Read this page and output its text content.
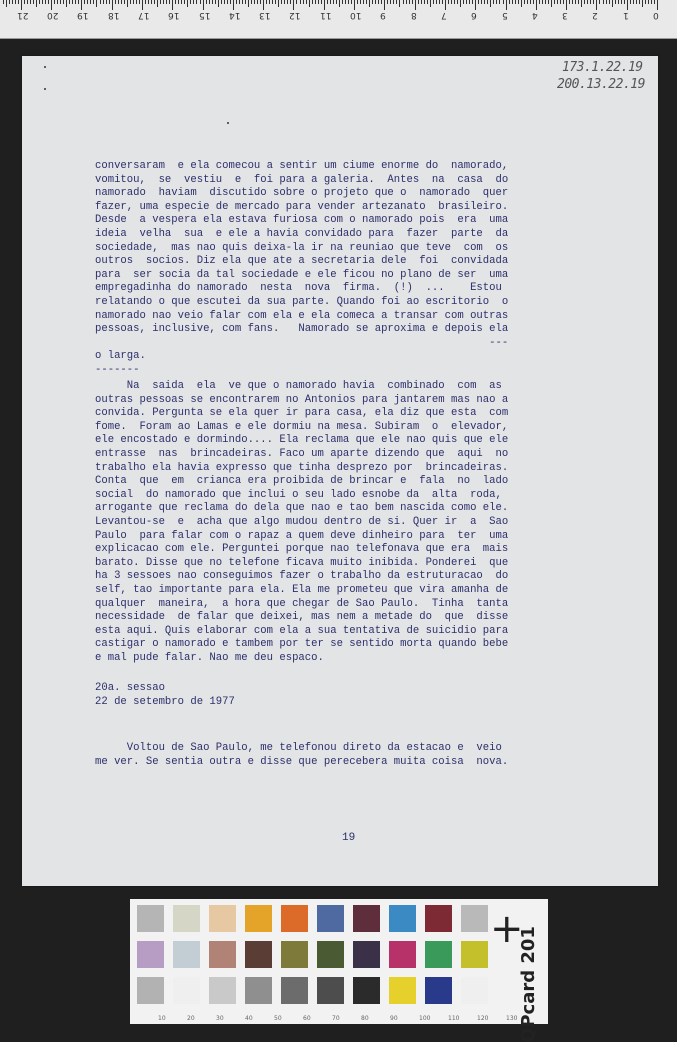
0
1
2
3
4
5
6
7
8
9
10
11
12
13
14
15
16
17
18
19
20
21
173.1.22.19
200.13.22.19
conversaram  e ela comecou a sentir um ciume enorme do  namorado,
vomitou,  se  vestiu  e  foi para a galeria.  Antes  na  casa  do
namorado  haviam  discutido sobre o projeto que o  namorado  quer
fazer, uma especie de mercado para vender artezanato  brasileiro.
Desde  a vespera ela estava furiosa com o namorado pois  era  uma
ideia  velha  sua  e ele a havia convidado para  fazer  parte  da
sociedade,  mas nao quis deixa-la ir na reuniao que teve  com  os
outros  socios. Diz ela que ate a secretaria dele  foi  convidada
para  ser socia da tal sociedade e ele ficou no plano de ser  uma
empregadinha do namorado  nesta  nova  firma.  (!)  ...    Estou
relatando o que escutei da sua parte. Quando foi ao escritorio  o
namorado nao veio falar com ela e ela comeca a transar com outras
pessoas, inclusive, com fans.   Namorado se aproxima e depois ela
---
o larga.
-------
Na  saida  ela  ve que o namorado havia  combinado  com  as
outras pessoas se encontrarem no Antonios para jantarem mas nao a
convida. Pergunta se ela quer ir para casa, ela diz que esta  com
fome.  Foram ao Lamas e ele dormiu na mesa. Subiram  o  elevador,
ele encostado e dormindo.... Ela reclama que ele nao quis que ele
entrasse  nas  brincadeiras. Faco um aparte dizendo que  aqui  no
trabalho ela havia expresso que tinha desprezo por  brincadeiras.
Conta  que  em  crianca era proibida de brincar e  fala  no  lado
social  do namorado que inclui o seu lado esnobe da  alta  roda,
arrogante que reclama do dela que nao e tao bem nascida como ele.
Levantou-se  e  acha que algo mudou dentro de si. Quer ir  a  Sao
Paulo  para falar com o rapaz a quem deve dinheiro para  ter  uma
explicacao com ele. Perguntei porque nao telefonava que era  mais
barato. Disse que no telefone ficava muito inibida. Ponderei  que
ha 3 sessoes nao conseguimos fazer o trabalho da estruturacao  do
self, tao importante para ela. Ela me prometeu que vira amanha de
qualquer  maneira,  a hora que chegar de Sao Paulo.  Tinha  tanta
necessidade  de falar que deixei, mas nem a metade do  que  disse
esta aqui. Quis elaborar com ela a sua tentativa de suicidio para
castigar o namorado e tambem por ter se sentido morta quando bebe
e mal pude falar. Nao me deu espaco.
20a. sessao
22 de setembro de 1977
Voltou de Sao Paulo, me telefonou direto da estacao e  veio
me ver. Se sentia outra e disse que perecebera muita coisa  nova.
19
+
QPcard 201
10	20	30	40	50	60	70	80	90	100	110	120	130
